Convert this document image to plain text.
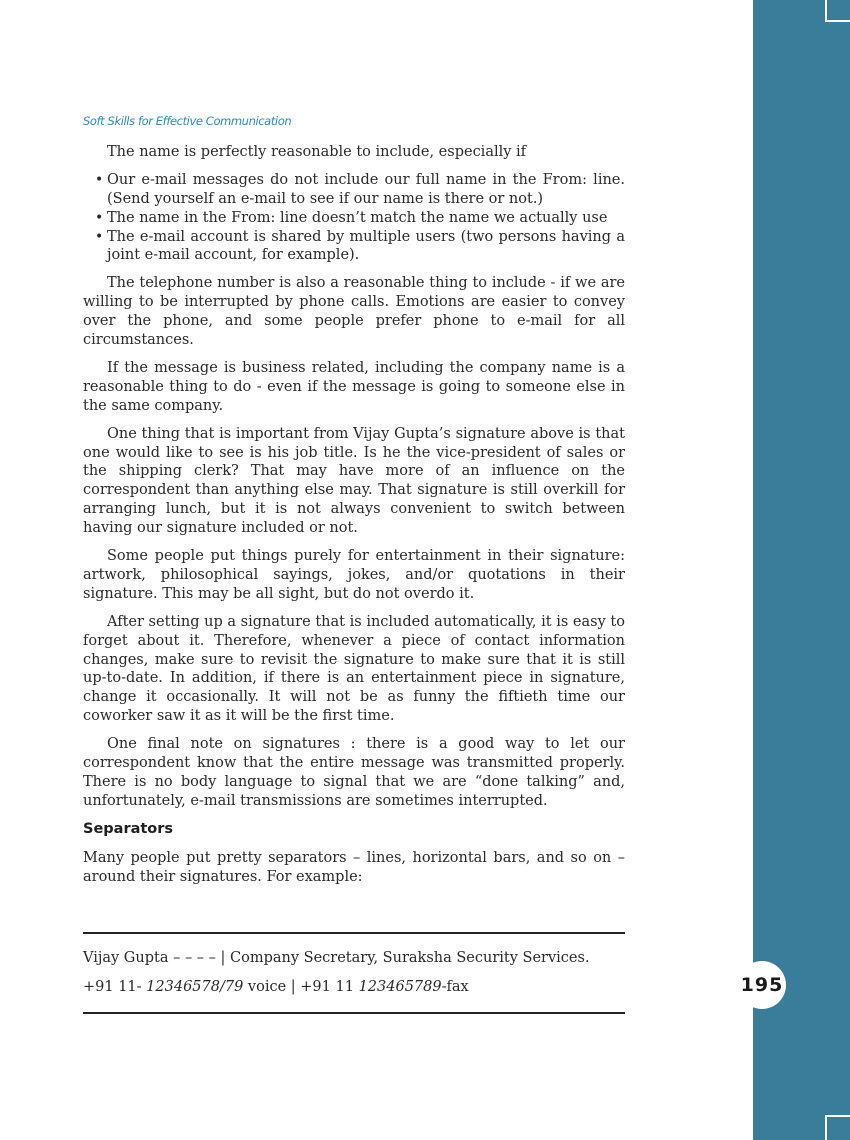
195
Soft Skills for Effective Communication

The name is perfectly reasonable to include, especially if

• Our e-mail messages do not include our full name in the From: line. (Send yourself an e-mail to see if our name is there or not.)
• The name in the From: line doesn’t match the name we actually use
• The e-mail account is shared by multiple users (two persons having a joint e-mail account, for example).

The telephone number is also a reasonable thing to include - if we are willing to be interrupted by phone calls. Emotions are easier to convey over the phone, and some people prefer phone to e-mail for all circumstances.

If the message is business related, including the company name is a reasonable thing to do - even if the message is going to someone else in the same company.

One thing that is important from Vijay Gupta’s signature above is that one would like to see is his job title. Is he the vice-president of sales or the shipping clerk? That may have more of an influence on the correspondent than anything else may. That signature is still overkill for arranging lunch, but it is not always convenient to switch between having our signature included or not.

Some people put things purely for entertainment in their signature: artwork, philosophical sayings, jokes, and/or quotations in their signature. This may be all sight, but do not overdo it.

After setting up a signature that is included automatically, it is easy to forget about it. Therefore, whenever a piece of contact information changes, make sure to revisit the signature to make sure that it is still up-to-date. In addition, if there is an entertainment piece in signature, change it occasionally. It will not be as funny the fiftieth time our coworker saw it as it will be the first time.

One final note on signatures : there is a good way to let our correspondent know that the entire message was transmitted properly. There is no body language to signal that we are “done talking” and, unfortunately, e-mail transmissions are sometimes interrupted.

Separators

Many people put pretty separators – lines, horizontal bars, and so on – around their signatures. For example:

Vijay Gupta – – – – | Company Secretary, Suraksha Security Services.
+91 11- 12346578/79 voice | +91 11 123465789-fax
